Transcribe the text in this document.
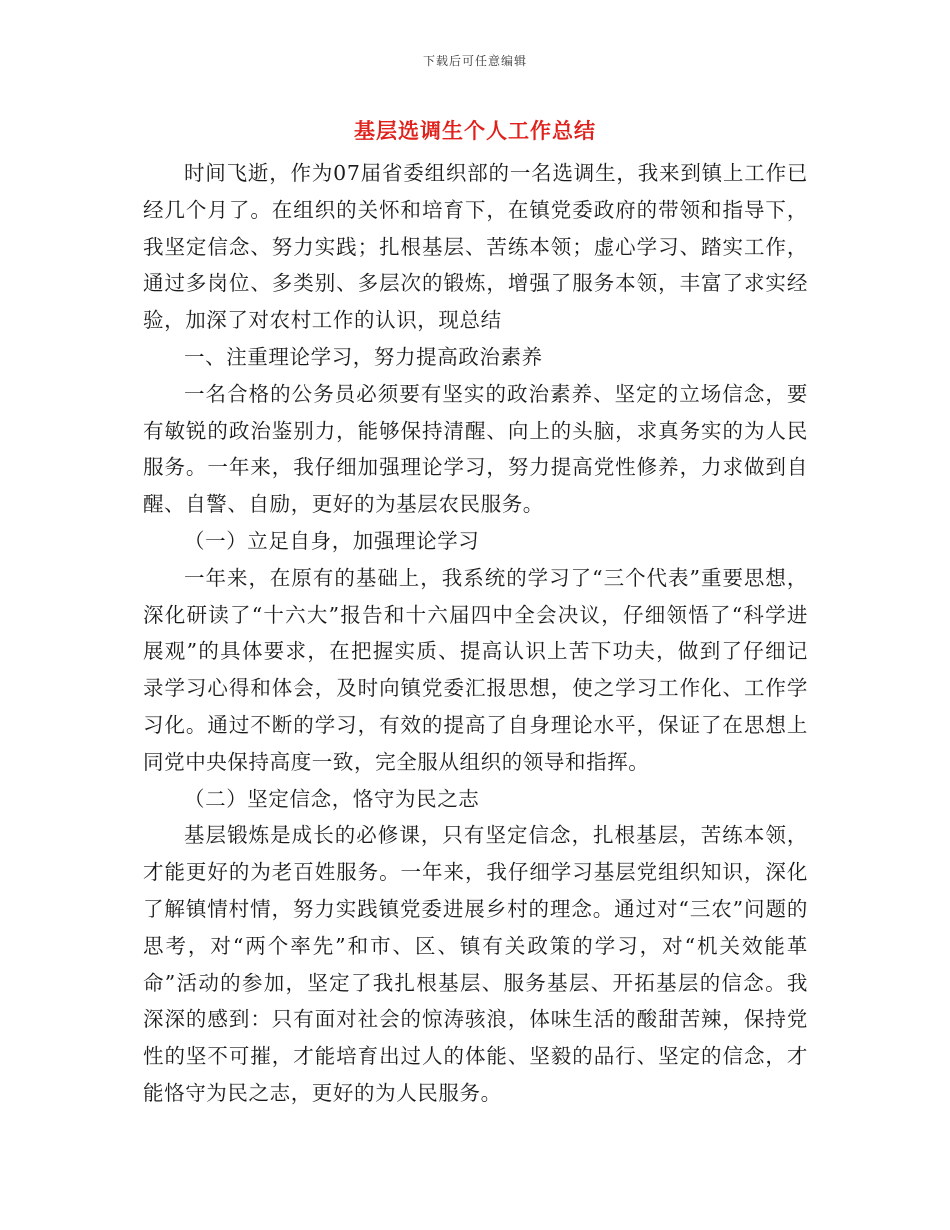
下载后可任意编辑
基层选调生个人工作总结

时间飞逝，作为07届省委组织部的一名选调生，我来到镇上工作已经几个月了。在组织的关怀和培育下，在镇党委政府的带领和指导下，我坚定信念、努力实践；扎根基层、苦练本领；虚心学习、踏实工作，通过多岗位、多类别、多层次的锻炼，增强了服务本领，丰富了求实经验，加深了对农村工作的认识，现总结

一、注重理论学习，努力提高政治素养

一名合格的公务员必须要有坚实的政治素养、坚定的立场信念，要有敏锐的政治鉴别力，能够保持清醒、向上的头脑，求真务实的为人民服务。一年来，我仔细加强理论学习，努力提高党性修养，力求做到自醒、自警、自励，更好的为基层农民服务。

（一）立足自身，加强理论学习

一年来，在原有的基础上，我系统的学习了“三个代表”重要思想，深化研读了“十六大”报告和十六届四中全会决议，仔细领悟了“科学进展观”的具体要求，在把握实质、提高认识上苦下功夫，做到了仔细记录学习心得和体会，及时向镇党委汇报思想，使之学习工作化、工作学习化。通过不断的学习，有效的提高了自身理论水平，保证了在思想上同党中央保持高度一致，完全服从组织的领导和指挥。

（二）坚定信念，恪守为民之志

基层锻炼是成长的必修课，只有坚定信念，扎根基层，苦练本领，才能更好的为老百姓服务。一年来，我仔细学习基层党组织知识，深化了解镇情村情，努力实践镇党委进展乡村的理念。通过对“三农”问题的思考，对“两个率先”和市、区、镇有关政策的学习，对“机关效能革命”活动的参加，坚定了我扎根基层、服务基层、开拓基层的信念。我深深的感到：只有面对社会的惊涛骇浪，体味生活的酸甜苦辣，保持党性的坚不可摧，才能培育出过人的体能、坚毅的品行、坚定的信念，才能恪守为民之志，更好的为人民服务。
